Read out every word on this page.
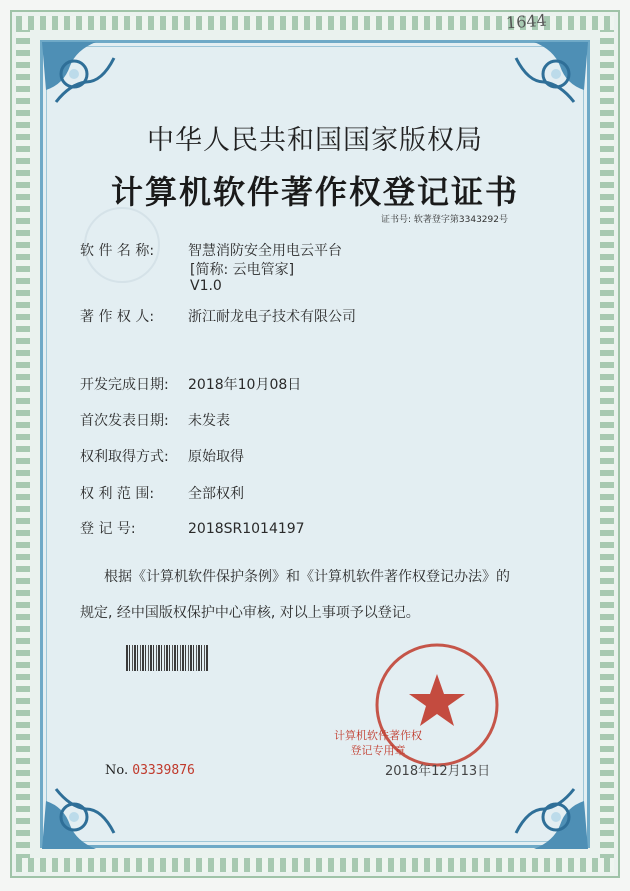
1644
中华人民共和国国家版权局
计算机软件著作权登记证书
证书号: 软著登字第3343292号
软 件 名 称: 智慧消防安全用电云平台
[简称: 云电管家]
V1.0
著 作 权 人: 浙江耐龙电子技术有限公司
开发完成日期: 2018年10月08日
首次发表日期: 未发表
权利取得方式: 原始取得
权 利 范 围: 全部权利
登 记 号:	2018SR1014197
根据《计算机软件保护条例》和《计算机软件著作权登记办法》的
规定, 经中国版权保护中心审核, 对以上事项予以登记。
计算机软件著作权
登记专用章
No. 03339876	2018年12月13日
